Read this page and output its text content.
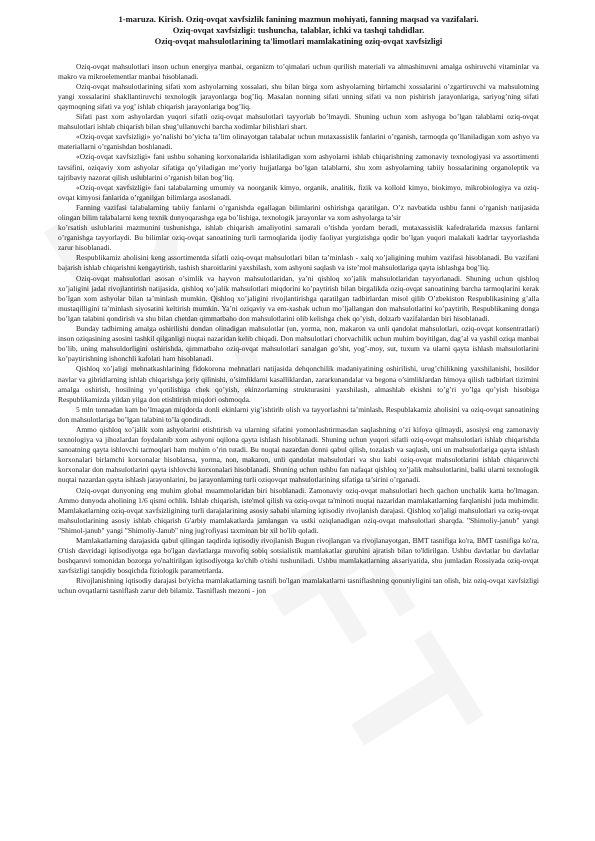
1-maruza. Kirish. Oziq-ovqat xavfsizlik fanining mazmun mohiyati, fanning maqsad va vazifalari.
Oziq-ovqat xavfsizligi: tushuncha, talablar, ichki va tashqi tahdidlar.
Oziq-ovqat mahsulotlarining ta'limotlari mamlakatining oziq-ovqat xavfsizligi

Oziq-ovqat mahsulotlari inson uchun energiya manbai, organizm to’qimalari uchun qurilish materiali va almashinuvni amalga oshiruvchi vitaminlar va makro va mikroelementlar manbai hisoblanadi.

Oziq-ovqat mahsulotlarining sifati xom ashyolarning xossalari, shu bilan birga xom ashyolarning birlamchi xossalarini o’zgartiruvchi va mahsulotning yangi xossalarini shakllantiruvchi texnologik jarayonlarga bog’liq. Masalan nonning sifati unning sifati va non pishirish jarayonlariga, sariyog’ning sifati qaymoqning sifati va yog’ ishlab chiqarish jarayonlariga bog’liq.

Sifati past xom ashyolardan yuqori sifatli oziq-ovqat mahsulotlari tayyorlab bo’lmaydi. Shuning uchun xom ashyoga bo’lgan talablarni oziq-ovqat mahsulotlari ishlab chiqarish bilan shug’ullanuvchi barcha xodimlar bilishlari shart.

«Oziq-ovqat xavfsizligi» yo’nalishi bo’yicha ta’lim olinayotgan talabalar uchun mutaxassislik fanlarini o’rganish, tarmoqda qo’llaniladigan xom ashyo va materiallarni o’rganishdan boshlanadi.

«Oziq-ovqat xavfsizligi» fani ushbu sohaning korxonalarida ishlatiladigan xom ashyolarni ishlab chiqarishning zamonaviy texnologiyasi va assortimenti tavsifini, oziqaviy xom ashyolar sifatiga qo’yiladigan me’yoriy hujjatlarga bo’lgan talablarni, shu xom ashyolarning tabiiy hossalarining organoleptik va tajribaviy nazorat qilish uslublarini o’rganish bilan bog’liq.

«Oziq-ovqat xavfsizligi» fani talabalarning umumiy va noorganik kimyo, organik, analitik, fizik va kolloid kimyo, biokimyo, mikrobiologiya va oziq-ovqat kimyosi fanlarida o’rganilgan bilimlarga asoslanadi.

Fanning vazifasi talabalarning tabiiy fanlarni o’rganishda egallagan bilimlarini oshirishga qaratilgan. O’z navbatida ushbu fanni o’rganish natijasida olingan bilim talabalarni keng texnik dunyoqarashga ega bo’lishiga, texnologik jarayonlar va xom ashyolarga ta’sir

ko’rsatish uslublarini mazmunini tushunishga, ishlab chiqarish amaliyotini samarali o’tishda yordam beradi, mutaxassislik kafedralarida maxsus fanlarni o’rganishga tayyorlaydi. Bu bilimlar oziq-ovqat sanoatining turli tarmoqlarida ijodiy faoliyat yurgizishga qodir bo’lgan yuqori malakali kadrlar tayyorlashda zarur hisoblanadi.

Respublikamiz aholisini keng assortimentda sifatli oziq-ovqat mahsulotlari bilan ta’minlash - xalq xo’jaligining muhim vazifasi hisoblanadi. Bu vazifani bajarish ishlab chiqarishni kengaytirish, tashish sharoitlarini yaxshilash, xom ashyoni saqlash va iste’mol mahsulotlariga qayta ishlashga bog’liq.

Oziq-ovqat mahsulotlari asosan o’simlik va hayvon mahsulotlaridan, ya’ni qishloq xo’jalik mahsulotlaridan tayyorlanadi. Shuning uchun qishloq xo’jaligini jadal rivojlantirish natijasida, qishloq xo’jalik mahsulotlari miqdorini ko’paytirish bilan birgalikda oziq-ovqat sanoatining barcha tarmoqlarini kerak bo’lgan xom ashyolar bilan ta’minlash mumkin. Qishloq xo’jaligini rivojlantirishga qaratilgan tadbirlardan misol qilib O’zbekiston Respublikasining g’alla mustaqilligini ta’minlash siyosatini keltirish mumkin. Ya’ni oziqaviy va em-xashak uchun mo’ljallangan don mahsulotlarini ko’paytirib, Respublikaning donga bo’lgan talabini qondirish va shu bilan chetdan qimmatbaho don mahsulotlarini olib kelishga chek qo’yish, dolzarb vazifalardan biri hisoblanadi.

Bunday tadbirning amalga oshirilishi dondan olinadigan mahsulotlar (un, yorma, non, makaron va unli qandolat mahsulotlari, oziq-ovqat konsentratlari) inson oziqasining asosini tashkil qilganligi nuqtai nazaridan kelib chiqadi. Don mahsulotlari chorvachilik uchun muhim boyitilgan, dag’al va yashil oziqa manbai bo’lib, uning mahsuldorligini oshirishda, qimmatbaho oziq-ovqat mahsulotlari sanalgan go’sht, yog’-moy, sut, tuxum va ularni qayta ishlash mahsulotlarini ko’paytirishning ishonchli kafolati ham hisoblanadi.

Qishloq xo’jaligi mehnatkashlarining fidokorona mehnatlari natijasida dehqonchilik madaniyatining oshirilishi, urug’chilikning yaxshilanishi, hosildor navlar va gibridlarning ishlab chiqarishga joriy qilinishi, o’simliklarni kasalliklardan, zararkunandalar va begona o’simliklardan himoya qilish tadbirlari tizimini amalga oshirish, hosilning yo’qotilishiga chek qo’yish, ekinzorlarning strukturasini yaxshilash, almashlab ekishni to’g’ri yo’lga qo’yish hisobiga Respublikamizda yildan yilga don etishtirish miqdori oshmoqda.

5 mln tonnadan kam bo’lmagan miqdorda donli ekinlarni yig’ishtirib olish va tayyorlashni ta’minlash, Respublakamiz aholisini va oziq-ovqat sanoatining don mahsulotlariga bo’lgan talabini to’la qondiradi.

Ammo qishloq xo’jalik xom ashyolarini etishtirish va ularning sifatini yomonlashtirmasdan saqlashning o’zi kifoya qilmaydi, asosiysi eng zamonaviy texnologiya va jihozlardan foydalanib xom ashyoni oqilona qayta ishlash hisoblanadi. Shuning uchun yuqori sifatli oziq-ovqat mahsulotlari ishlab chiqarishda sanoatning qayta ishlovchi tarmoqlari ham muhim o’rin tutadi. Bu nuqtai nazardan donni qabul qilish, tozalash va saqlash, uni un mahsulotlariga qayta ishlash korxonalari birlamchi korxonalar hisoblansa, yorma, non, makaron, unli qandolat mahsulotlari va shu kabi oziq-ovqat mahsulotlarini ishlab chiqaruvchi korxonalar don mahsulotlarini qayta ishlovchi korxonalari hisoblanadi. Shuning uchun ushbu fan nafaqat qishloq xo’jalik mahsulotlarini, balki ularni texnologik nuqtai nazardan qayta ishlash jarayonlarini, bu jarayonlarning turli oziqovqat mahsulotlarining sifatiga ta’sirini o’rganadi.

Oziq-ovqat dunyoning eng muhim global muammolaridan biri hisoblanadi. Zamonaviy oziq-ovqat mahsulotlari hech qachon unchalik katta bo'lmagan. Ammo dunyoda aholining 1/6 qismi ochlik. Ishlab chiqarish, iste'mol qilish va oziq-ovqat ta'minoti nuqtai nazaridan mamlakatlarning farqlanishi juda muhimdir. Mamlakatlarning oziq-ovqat xavfsizligining turli darajalarining asosiy sababi ularning iqtisodiy rivojlanish darajasi. Qishloq xo'jaligi mahsulotlari va oziq-ovqat mahsulotlarining asosiy ishlab chiqarish G'arbiy mamlakatlarda jamlangan va ustki oziqlanadigan oziq-ovqat mahsulotlari sharqda. "Shimoliy-janub" yangi "Shimol-janub" yangi "Shimoliy-Janub" ning jug'rofiyasi taxminan bir xil bo'lib qoladi.

Mamlakatlarning darajasida qabul qilingan taqdirda iqtisodiy rivojlanish Bugun rivojlangan va rivojlanayotgan, BMT tasnifiga ko'ra, BMT tasnifiga ko'ra, O'tish davridagi iqtisodiyotga ega bo'lgan davlatlarga muvofiq sobiq sotsialistik mamlakatlar guruhini ajratish bilan to'ldirilgan. Ushbu davlatlar bu davlatlar boshqaruvi tomonidan bozorga yo'naltirilgan iqtisodiyotga ko'chib o'tishi tushuniladi. Ushbu mamlakatlarning aksariyatida, shu jumladan Rossiyada oziq-ovqat xavfsizligi tanqidiy bosqichda fiziologik parametrlarda.

Rivojlanishning iqtisodiy darajasi bo'yicha mamlakatlarning tasnifi bo'lgan mamlakatlarni tasniflashning qonuniyligini tan olish, biz oziq-ovqat xavfsizligi uchun ovqatlarni tasniflash zarur deb bilamiz. Tasniflash mezoni - jon
